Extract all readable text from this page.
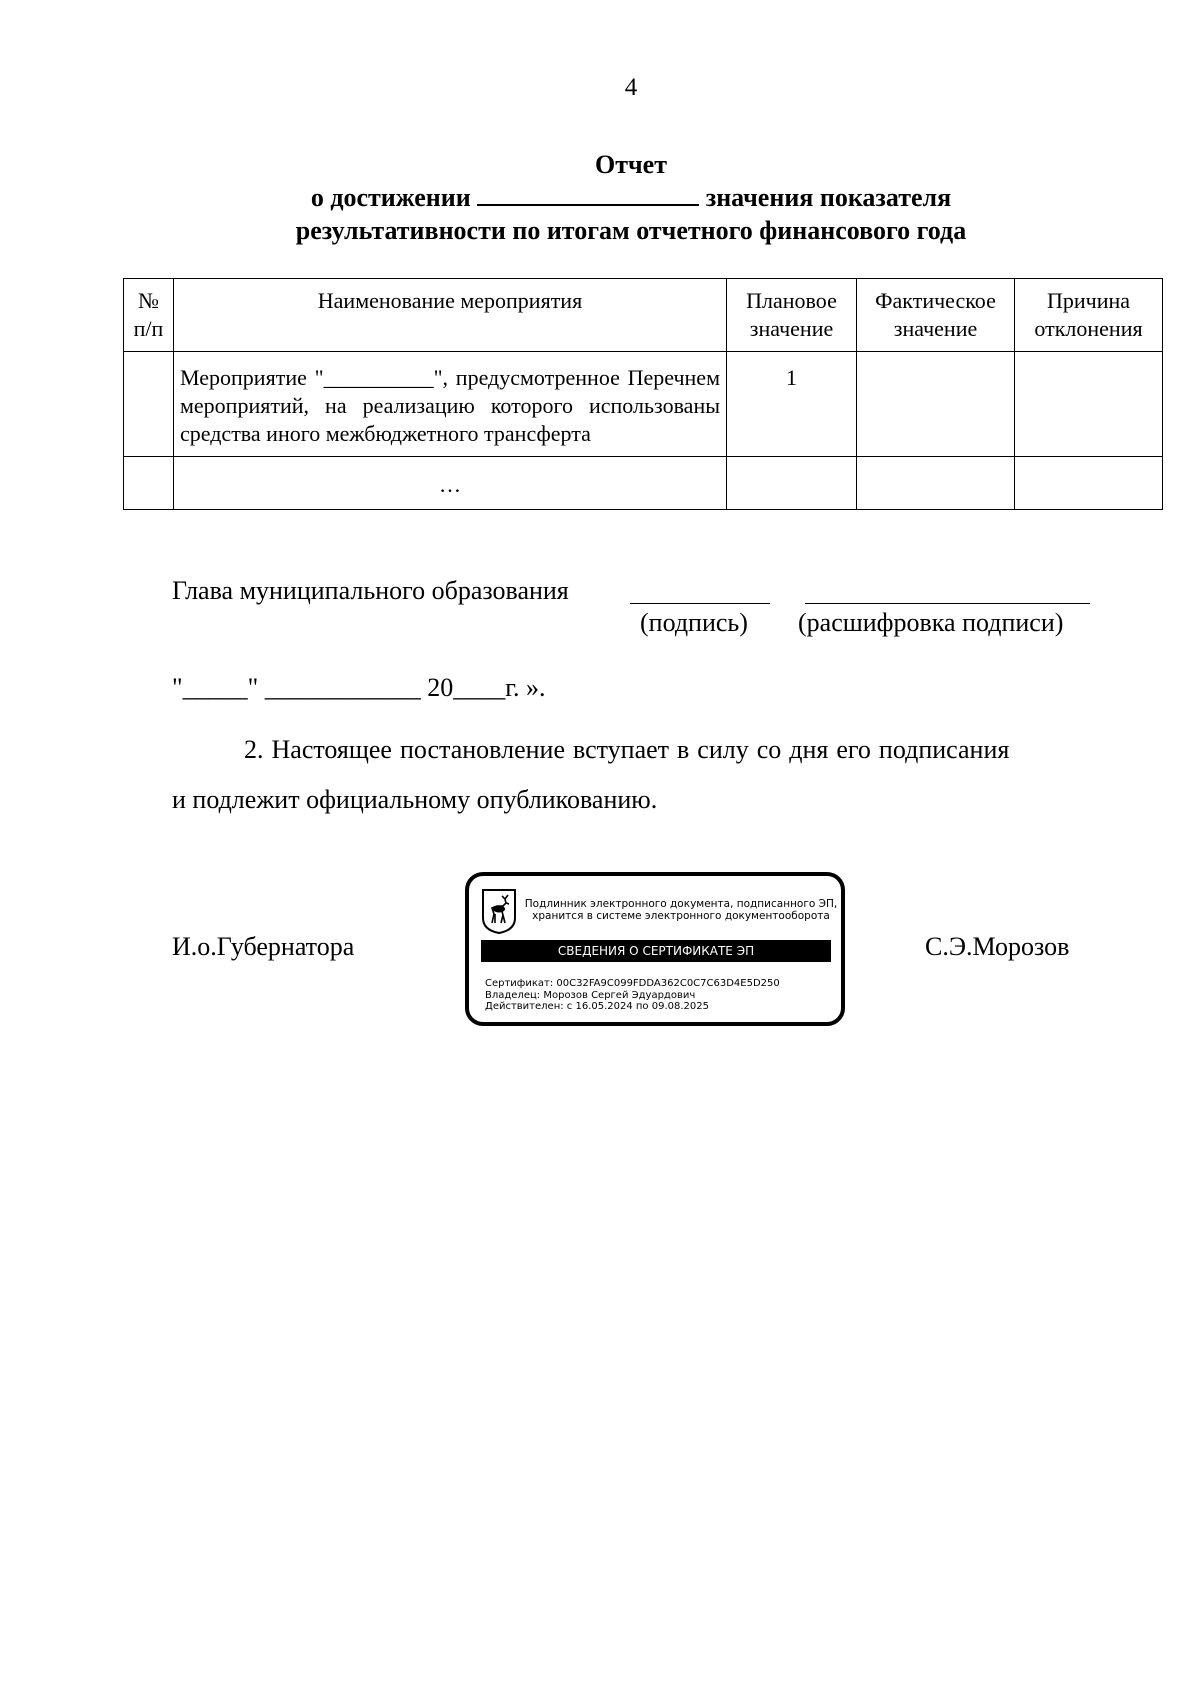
4
Отчет
о достижении	значения показателя
результативности по итогам отчетного финансового года
№ п/п	Наименование мероприятия	Плановое значение	Фактическое значение	Причина отклонения
	Мероприятие "__________", предусмотренное Перечнем мероприятий, на реализацию которого использованы средства иного межбюджетного трансферта	1		
	…			
Глава муниципального образования
(подпись) (расшифровка подписи)
"_____" ____________ 20____г. ».
2. Настоящее постановление вступает в силу со дня его подписания
и подлежит официальному опубликованию.
И.о.Губернатора	С.Э.Морозов
Подлинник электронного документа, подписанного ЭП,
хранится в системе электронного документооборота
СВЕДЕНИЯ О СЕРТИФИКАТЕ ЭП
Сертификат: 00C32FA9C099FDDA362C0C7C63D4E5D250
Владелец: Морозов Сергей Эдуардович
Действителен: с 16.05.2024 по 09.08.2025
